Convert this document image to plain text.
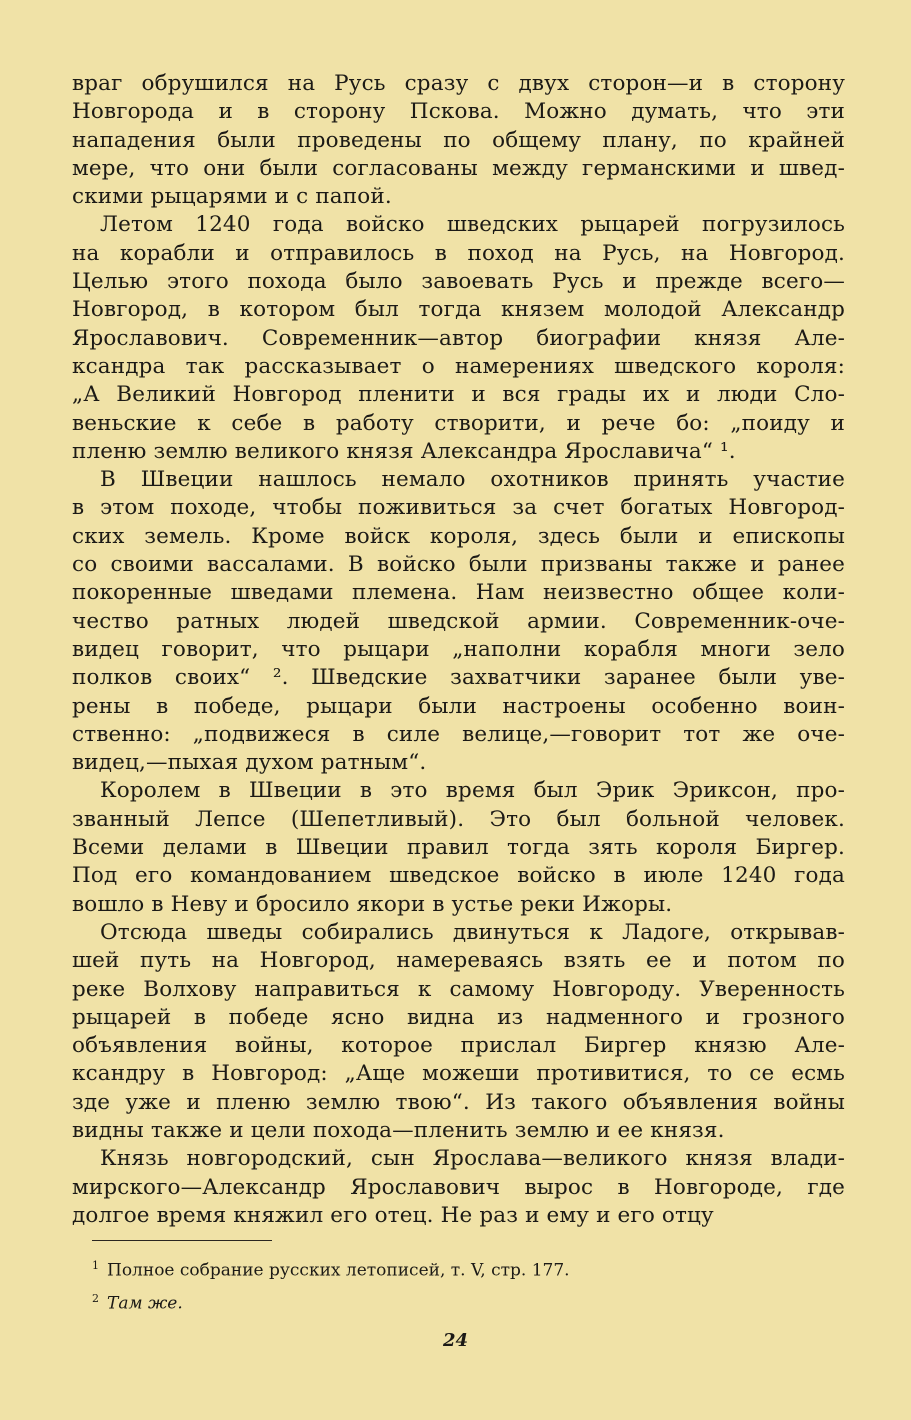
враг обрушился на Русь сразу с двух сторон—и в сторону
Новгорода и в сторону Пскова. Можно думать, что эти
нападения были проведены по общему плану, по крайней
мере, что они были согласованы между германскими и швед-
скими рыцарями и с папой.
Летом 1240 года войско шведских рыцарей погрузилось
на корабли и отправилось в поход на Русь, на Новгород.
Целью этого похода было завоевать Русь и прежде всего—
Новгород, в котором был тогда князем молодой Александр
Ярославович. Современник—автор биографии князя Але-
ксандра так рассказывает о намерениях шведского короля:
„А Великий Новгород пленити и вся грады их и люди Сло-
веньские к себе в работу створити, и рече бо: „поиду и
пленю землю великого князя Александра Ярославича“ ¹.
В Швеции нашлось немало охотников принять участие
в этом походе, чтобы поживиться за счет богатых Новгород-
ских земель. Кроме войск короля, здесь были и епископы
со своими вассалами. В войско были призваны также и ранее
покоренные шведами племена. Нам неизвестно общее коли-
чество ратных людей шведской армии. Современник-оче-
видец говорит, что рыцари „наполни корабля многи зело
полков своих“ ². Шведские захватчики заранее были уве-
рены в победе, рыцари были настроены особенно воин-
ственно: „подвижеся в силе велице,—говорит тот же оче-
видец,—пыхая духом ратным“.
Королем в Швеции в это время был Эрик Эриксон, про-
званный Лепсе (Шепетливый). Это был больной человек.
Всеми делами в Швеции правил тогда зять короля Биргер.
Под его командованием шведское войско в июле 1240 года
вошло в Неву и бросило якори в устье реки Ижоры.
Отсюда шведы собирались двинуться к Ладоге, открывав-
шей путь на Новгород, намереваясь взять ее и потом по
реке Волхову направиться к самому Новгороду. Уверенность
рыцарей в победе ясно видна из надменного и грозного
объявления войны, которое прислал Биргер князю Але-
ксандру в Новгород: „Аще можеши противитися, то се есмь
зде уже и пленю землю твою“. Из такого объявления войны
видны также и цели похода—пленить землю и ее князя.
Князь новгородский, сын Ярослава—великого князя влади-
мирского—Александр Ярославович вырос в Новгороде, где
долгое время княжил его отец. Не раз и ему и его отцу
$^1$ Полное собрание русских летописей, т. V, стр. 177.
$^2$ Там же.
24
